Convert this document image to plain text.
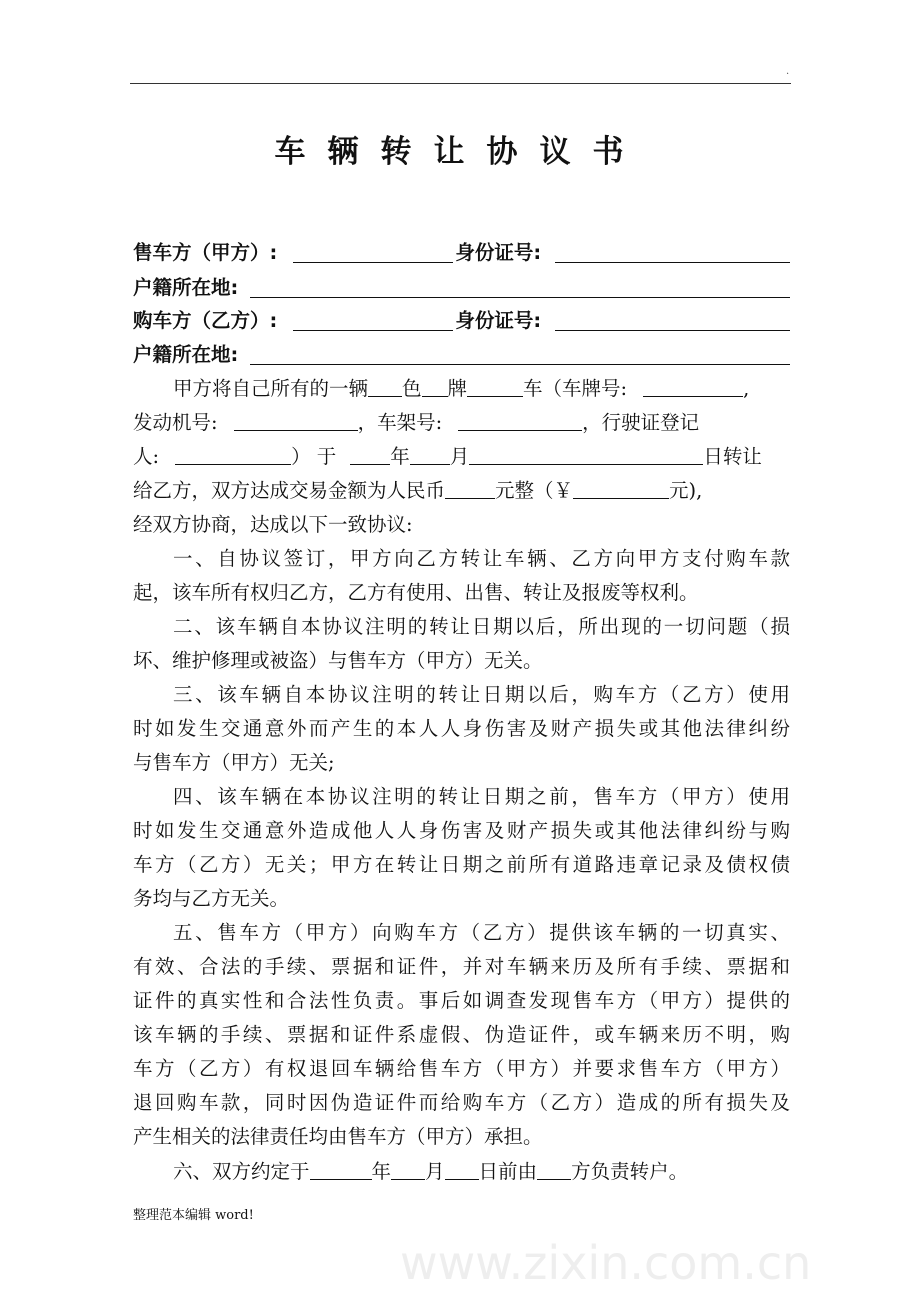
.
www.zixin.com.cn
车辆转让协议书
售车方（甲方）:	身份证号:
户籍所在地:
购车方（乙方）:	身份证号:
户籍所在地:
甲方将自己所有的一辆 色 牌	车（车牌号:	,
发动机号:	，车架号:	，行驶证登记
人:	） 于	年 月	日转让
给乙方，双方达成交易金额为人民币	元整（￥	元),
经双方协商，达成以下一致协议:
一、自协议签订，甲方向乙方转让车辆、乙方向甲方支付购车款
起，该车所有权归乙方，乙方有使用、出售、转让及报废等权利。
二、该车辆自本协议注明的转让日期以后，所出现的一切问题（损
坏、维护修理或被盗）与售车方（甲方）无关。
三、该车辆自本协议注明的转让日期以后，购车方（乙方）使用
时如发生交通意外而产生的本人人身伤害及财产损失或其他法律纠纷
与售车方（甲方）无关;
四、该车辆在本协议注明的转让日期之前，售车方（甲方）使用
时如发生交通意外造成他人人身伤害及财产损失或其他法律纠纷与购
车方（乙方）无关；甲方在转让日期之前所有道路违章记录及债权债
务均与乙方无关。
五、售车方（甲方）向购车方（乙方）提供该车辆的一切真实、
有效、合法的手续、票据和证件，并对车辆来历及所有手续、票据和
证件的真实性和合法性负责。事后如调查发现售车方（甲方）提供的
该车辆的手续、票据和证件系虚假、伪造证件，或车辆来历不明，购
车方（乙方）有权退回车辆给售车方（甲方）并要求售车方（甲方）
退回购车款，同时因伪造证件而给购车方（乙方）造成的所有损失及
产生相关的法律责任均由售车方（甲方）承担。
六、双方约定于	年 月 日前由 方负责转户。
整理范本编辑 word!
